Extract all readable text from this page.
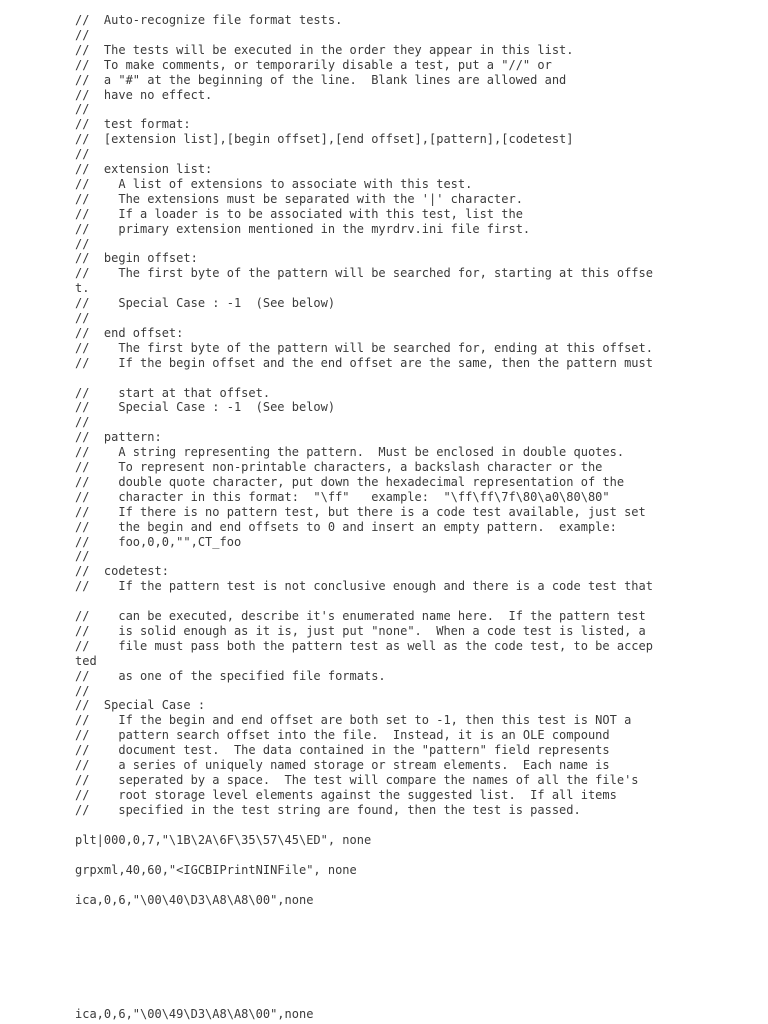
//  Auto-recognize file format tests.
//
//  The tests will be executed in the order they appear in this list.
//  To make comments, or temporarily disable a test, put a "//" or
//  a "#" at the beginning of the line.  Blank lines are allowed and
//  have no effect.
//
//  test format:
//  [extension list],[begin offset],[end offset],[pattern],[codetest]
//
//  extension list:
//    A list of extensions to associate with this test.
//    The extensions must be separated with the '|' character.
//    If a loader is to be associated with this test, list the
//    primary extension mentioned in the myrdrv.ini file first.
//
//  begin offset:
//    The first byte of the pattern will be searched for, starting at this offse
t.
//    Special Case : -1  (See below)
//
//  end offset:
//    The first byte of the pattern will be searched for, ending at this offset.
//    If the begin offset and the end offset are the same, then the pattern must
//    start at that offset.
//    Special Case : -1  (See below)
//
//  pattern:
//    A string representing the pattern.  Must be enclosed in double quotes.
//    To represent non-printable characters, a backslash character or the
//    double quote character, put down the hexadecimal representation of the
//    character in this format:  "\ff"   example:  "\ff\ff\7f\80\a0\80\80"
//    If there is no pattern test, but there is a code test available, just set
//    the begin and end offsets to 0 and insert an empty pattern.  example:
//    foo,0,0,"",CT_foo
//
//  codetest:
//    If the pattern test is not conclusive enough and there is a code test that
//    can be executed, describe it's enumerated name here.  If the pattern test
//    is solid enough as it is, just put "none".  When a code test is listed, a
//    file must pass both the pattern test as well as the code test, to be accep
ted
//    as one of the specified file formats.
//
//  Special Case :
//    If the begin and end offset are both set to -1, then this test is NOT a
//    pattern search offset into the file.  Instead, it is an OLE compound
//    document test.  The data contained in the "pattern" field represents
//    a series of uniquely named storage or stream elements.  Each name is
//    seperated by a space.  The test will compare the names of all the file's
//    root storage level elements against the suggested list.  If all items
//    specified in the test string are found, then the test is passed.
plt|000,0,7,"\1B\2A\6F\35\57\45\ED", none
grpxml,40,60,"<IGCBIPrintNINFile", none
ica,0,6,"\00\40\D3\A8\A8\00",none
ica,0,6,"\00\49\D3\A8\A8\00",none
